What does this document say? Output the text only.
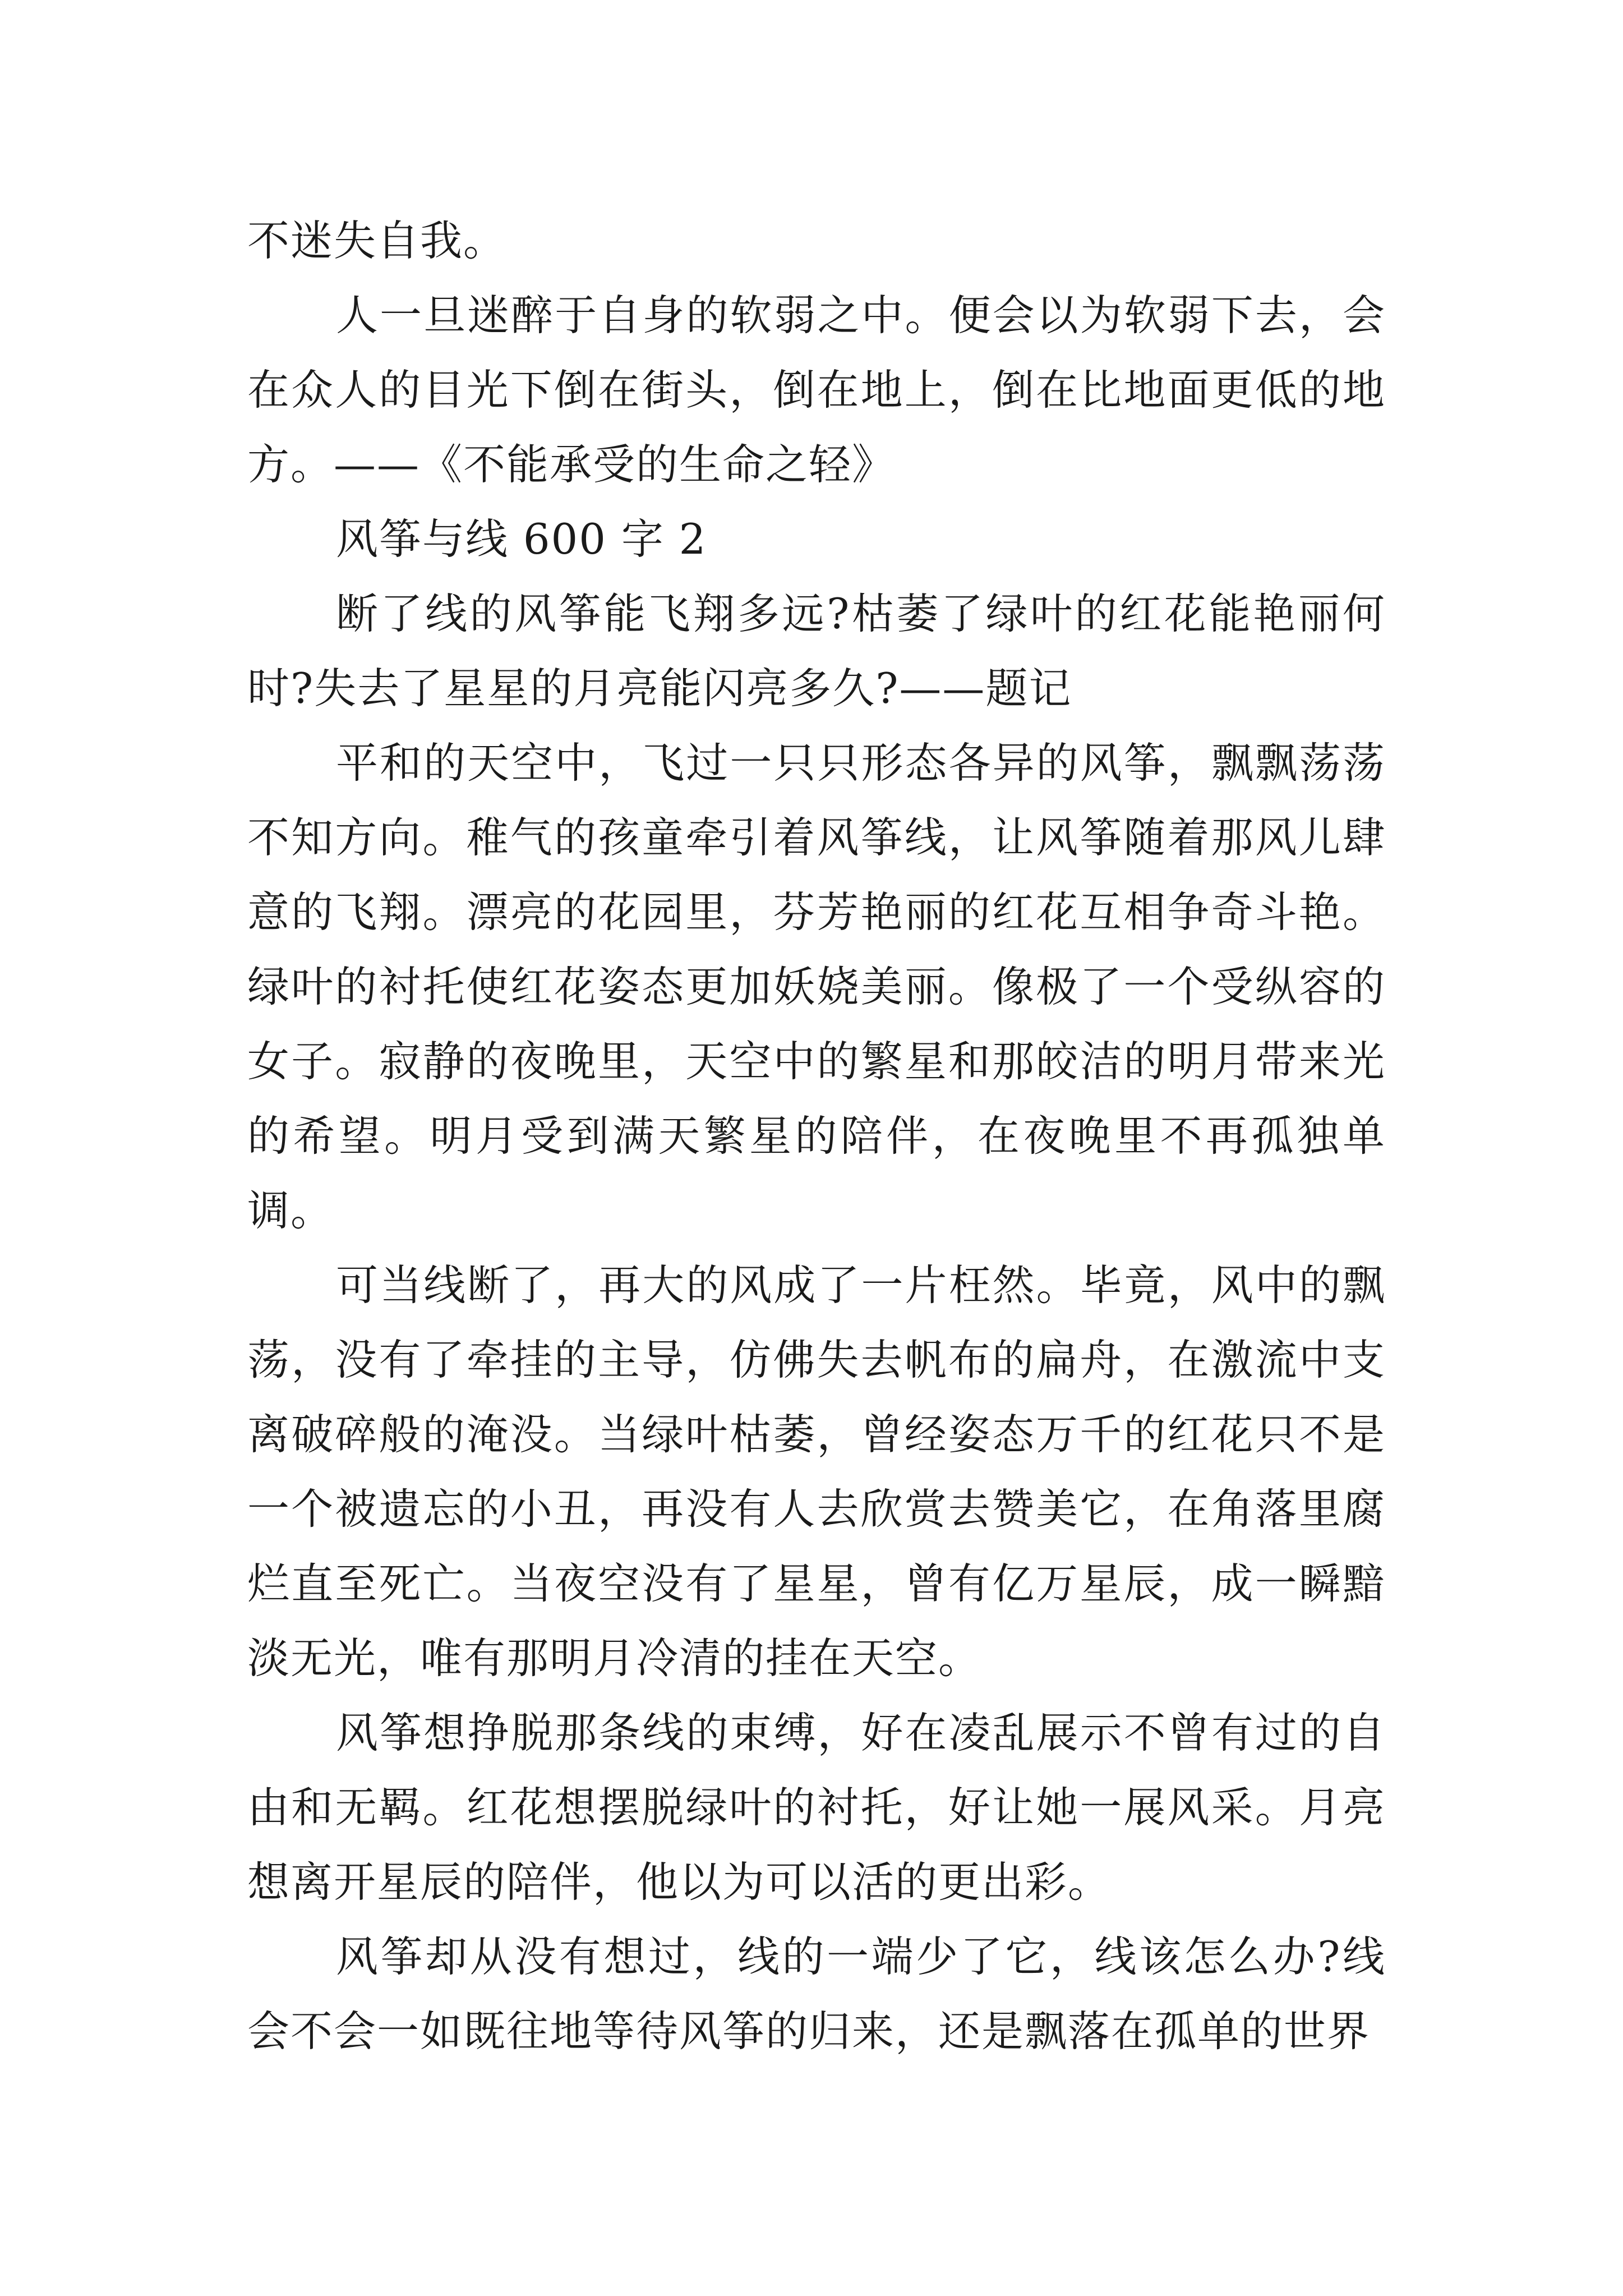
不迷失自我。

人一旦迷醉于自身的软弱之中。便会以为软弱下去，会在众人的目光下倒在街头，倒在地上，倒在比地面更低的地方。——《不能承受的生命之轻》

风筝与线 600 字 2

断了线的风筝能飞翔多远?枯萎了绿叶的红花能艳丽何时?失去了星星的月亮能闪亮多久?——题记

平和的天空中，飞过一只只形态各异的风筝，飘飘荡荡不知方向。稚气的孩童牵引着风筝线，让风筝随着那风儿肆意的飞翔。漂亮的花园里，芬芳艳丽的红花互相争奇斗艳。绿叶的衬托使红花姿态更加妖娆美丽。像极了一个受纵容的女子。寂静的夜晚里，天空中的繁星和那皎洁的明月带来光的希望。明月受到满天繁星的陪伴，在夜晚里不再孤独单调。

可当线断了，再大的风成了一片枉然。毕竟，风中的飘荡，没有了牵挂的主导，仿佛失去帆布的扁舟，在激流中支离破碎般的淹没。当绿叶枯萎，曾经姿态万千的红花只不是一个被遗忘的小丑，再没有人去欣赏去赞美它，在角落里腐烂直至死亡。当夜空没有了星星，曾有亿万星辰，成一瞬黯淡无光，唯有那明月冷清的挂在天空。

风筝想挣脱那条线的束缚，好在凌乱展示不曾有过的自由和无羁。红花想摆脱绿叶的衬托，好让她一展风采。月亮想离开星辰的陪伴，他以为可以活的更出彩。

风筝却从没有想过，线的一端少了它，线该怎么办?线会不会一如既往地等待风筝的归来，还是飘落在孤单的世界
